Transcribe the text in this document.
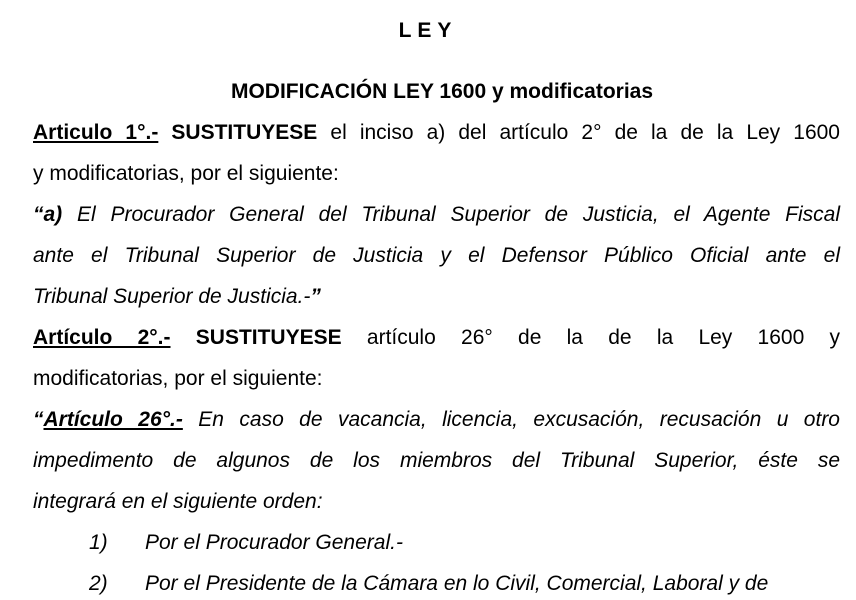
LEY
MODIFICACIÓN LEY 1600 y modificatorias
Articulo 1°.- SUSTITUYESE el inciso a) del artículo 2° de la de la Ley 1600
y modificatorias, por el siguiente:
“a) El Procurador General del Tribunal Superior de Justicia, el Agente Fiscal
ante el Tribunal Superior de Justicia y el Defensor Público Oficial ante el
Tribunal Superior de Justicia.-”
Artículo 2°.- SUSTITUYESE artículo 26° de la de la Ley 1600 y
modificatorias, por el siguiente:
“Artículo 26°.- En caso de vacancia, licencia, excusación, recusación u otro
impedimento de algunos de los miembros del Tribunal Superior, éste se
integrará en el siguiente orden:
1) Por el Procurador General.-
2) Por el Presidente de la Cámara en lo Civil, Comercial, Laboral y de
